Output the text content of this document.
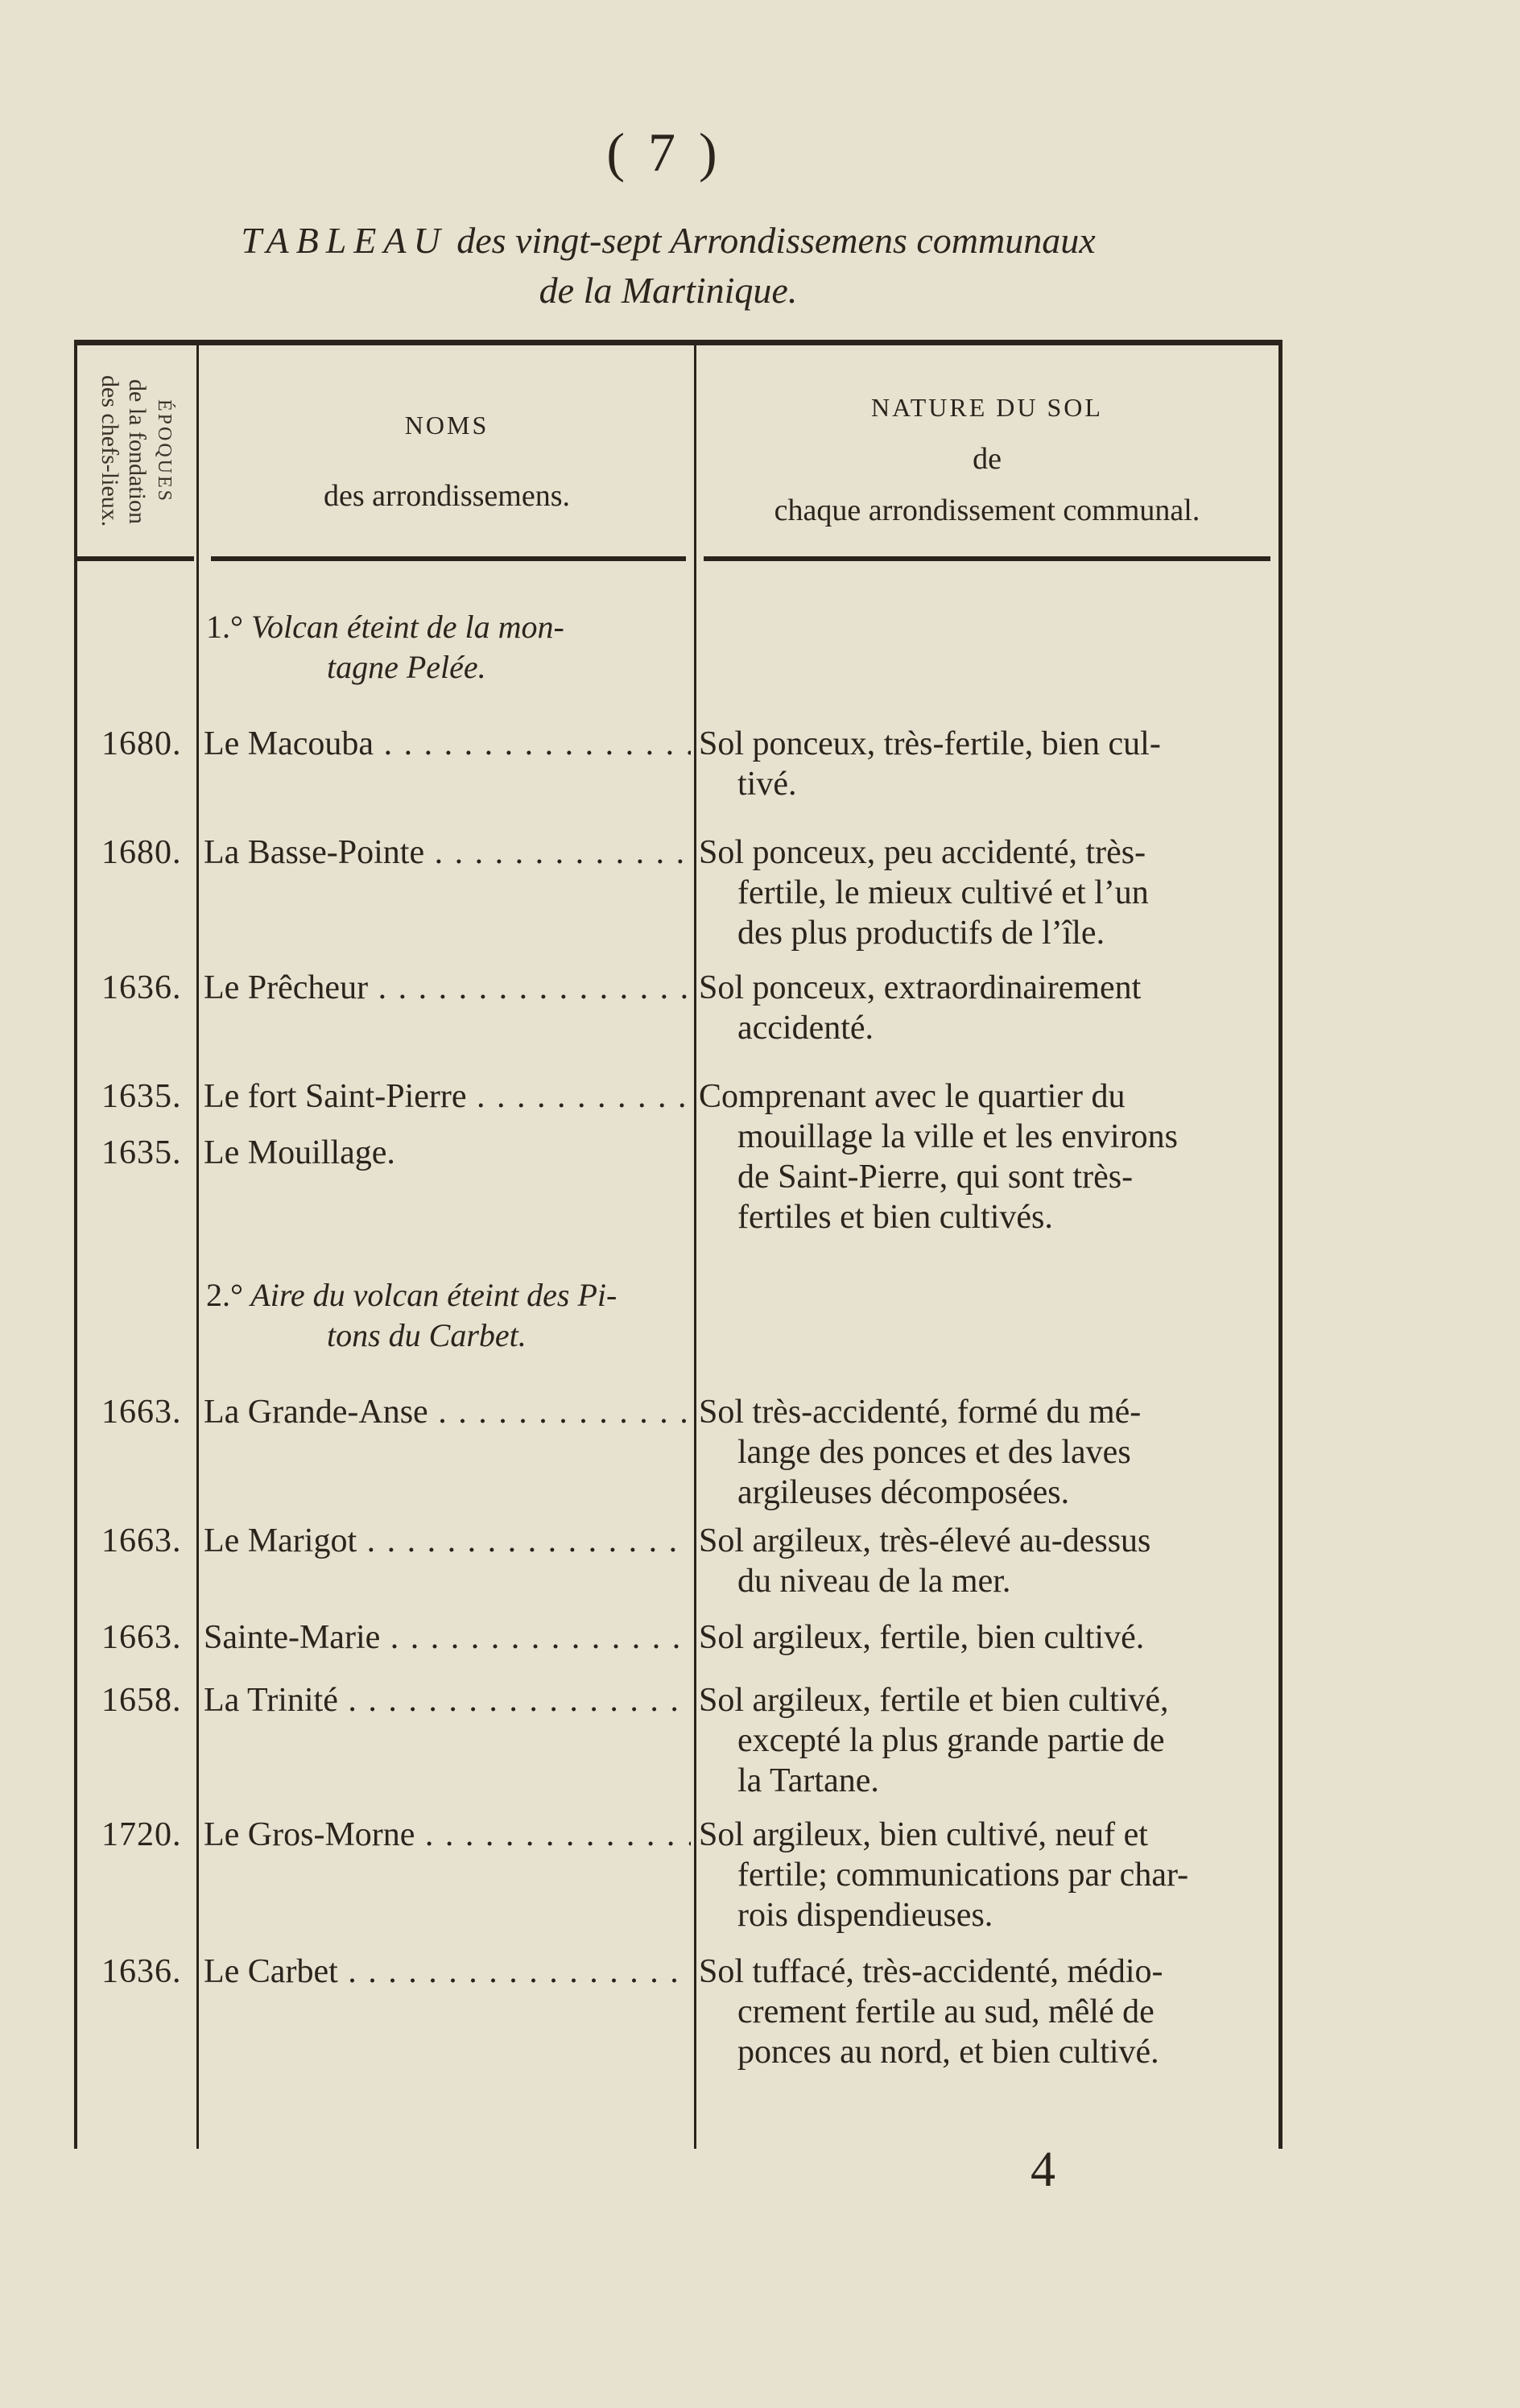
( 7 )
TABLEAU des vingt-sept Arrondissemens communaux
de la Martinique.
ÉPOQUES
de la fondation
des chefs-lieux.	NOMS
des arrondissemens.
NATURE DU SOL
de
chaque arrondissement communal.
1.° Volcan éteint de la mon-
tagne Pelée.
1680. Le Macouba . . .	Sol ponceux, très-fertile, bien cul-
tivé.
1680. La Basse-Pointe . . .	Sol ponceux, peu accidenté, très-
fertile, le mieux cultivé et l’un
des plus productifs de l’île.
1636. Le Prêcheur . . .	Sol ponceux, extraordinairement
accidenté.
1635. Le fort Saint-Pierre . . .	Comprenant avec le quartier du
mouillage la ville et les environs
de Saint-Pierre, qui sont très-
fertiles et bien cultivés.
1635. Le Mouillage.
2.° Aire du volcan éteint des Pi-
tons du Carbet.
1663. La Grande-Anse . . .	Sol très-accidenté, formé du mé-
lange des ponces et des laves
argileuses décomposées.
1663. Le Marigot . . .	Sol argileux, très-élevé au-dessus
du niveau de la mer.
1663. Sainte-Marie . . .	Sol argileux, fertile, bien cultivé.
1658. La Trinité . . .	Sol argileux, fertile et bien cultivé,
excepté la plus grande partie de
la Tartane.
1720. Le Gros-Morne . . .	Sol argileux, bien cultivé, neuf et
fertile; communications par char-
rois dispendieuses.
1636. Le Carbet . . .	Sol tuffacé, très-accidenté, médio-
crement fertile au sud, mêlé de
ponces au nord, et bien cultivé.
4
